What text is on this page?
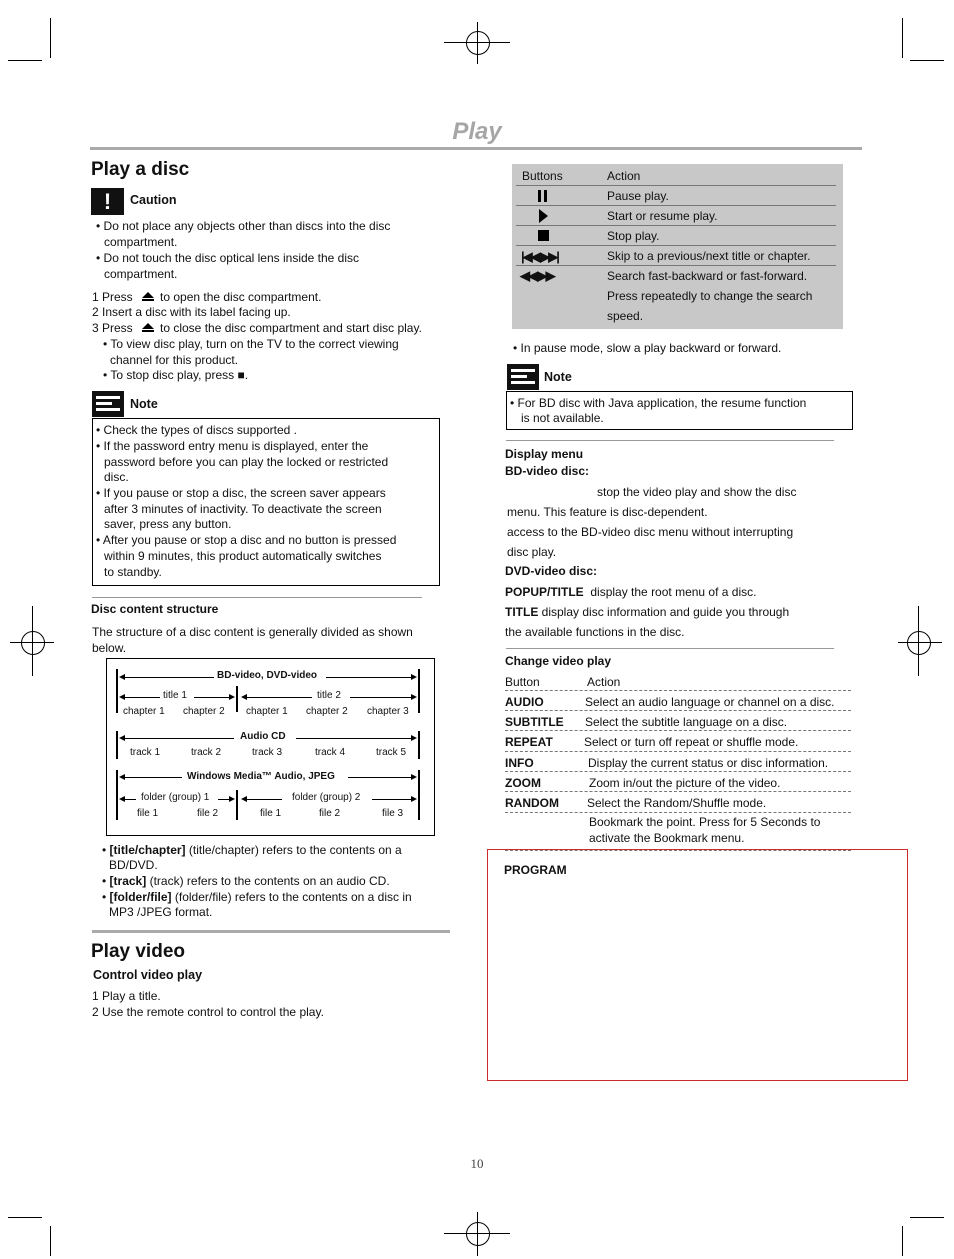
Play
Play a disc
!	Caution
• Do not place any objects other than discs into the disc
compartment.
• Do not touch the disc optical lens inside the disc
compartment.
1 Press to open the disc compartment.
2 Insert a disc with its label facing up.
3 Press to close the disc compartment and start disc play.
• To view disc play, turn on the TV to the correct viewing
channel for this product.
• To stop disc play, press ■.
Note
• Check the types of discs supported .
• If the password entry menu is displayed, enter the
password before you can play the locked or restricted
disc.
• If you pause or stop a disc, the screen saver appears
after 3 minutes of inactivity. To deactivate the screen
saver, press any button.
• After you pause or stop a disc and no button is pressed
within 9 minutes, this product automatically switches
to standby.
Disc content structure
The structure of a disc content is generally divided as shown
below.
BD-video, DVD-video
title 1	title 2
chapter 1 chapter 2 chapter 1 chapter 2 chapter 3
Audio CD
track 1	track 2	track 3	track 4	track 5
Windows Media™ Audio, JPEG
folder (group) 1	folder (group) 2
file 1	file 2	file 1	file 2	file 3
• [title/chapter] (title/chapter) refers to the contents on a
BD/DVD.
• [track] (track) refers to the contents on an audio CD.
• [folder/file] (folder/file) refers to the contents on a disc in
MP3 /JPEG format.
Play video
Control video play
1 Play a title.
2 Use the remote control to control the play.
Buttons	Action
Pause play.
Start or resume play.
Stop play.
|◀◀ ▶▶|	Skip to a previous/next title or chapter.
◀◀ ▶▶	Search fast-backward or fast-forward.
Press repeatedly to change the search
speed.
• In pause mode, slow a play backward or forward.
Note
• For BD disc with Java application, the resume function
is not available.
Display menu
BD-video disc:
stop the video play and show the disc
menu. This feature is disc-dependent.
access to the BD-video disc menu without interrupting
disc play.
DVD-video disc:
POPUP/TITLE display the root menu of a disc.
TITLE display disc information and guide you through
the available functions in the disc.
Change video play
Button	Action
AUDIO	Select an audio language or channel on a disc.
SUBTITLE Select the subtitle language on a disc.
REPEAT	Select or turn off repeat or shuffle mode.
INFO	Display the current status or disc information.
ZOOM	Zoom in/out the picture of the video.
RANDOM Select the Random/Shuffle mode.
Bookmark the point. Press for 5 Seconds to
activate the Bookmark menu.
PROGRAM
10
